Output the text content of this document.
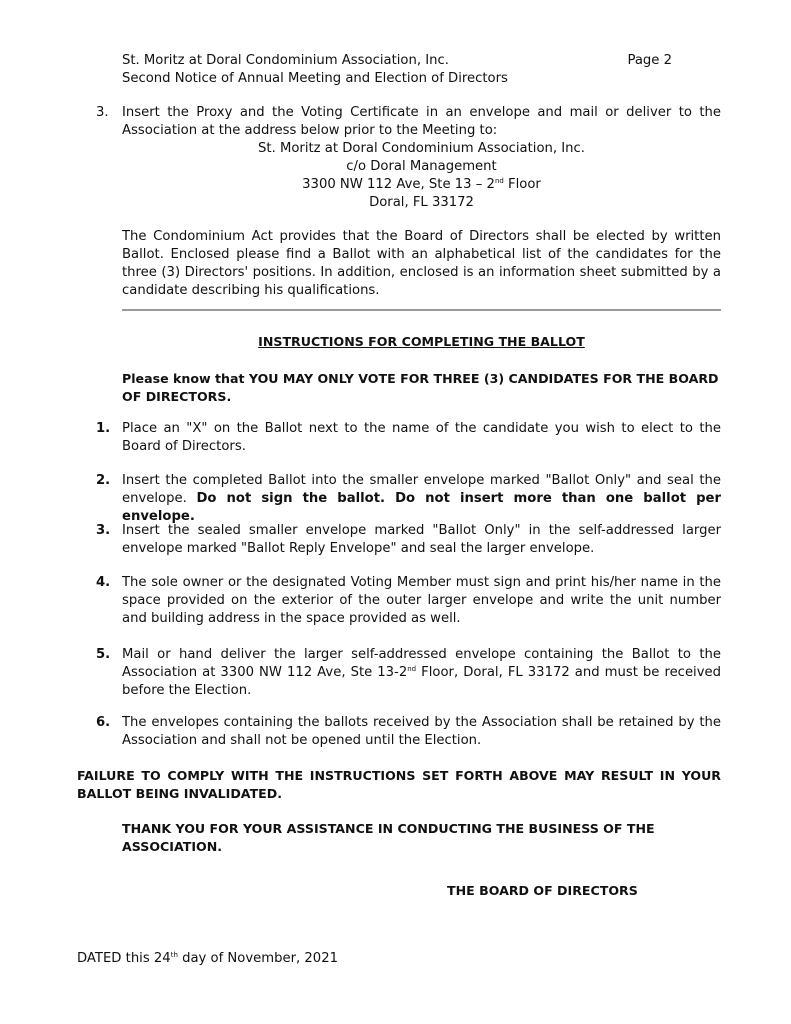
St. Moritz at Doral Condominium Association, Inc.	Page 2
Second Notice of Annual Meeting and Election of Directors
3. Insert the Proxy and the Voting Certificate in an envelope and mail or deliver to the Association at the address below prior to the Meeting to:
St. Moritz at Doral Condominium Association, Inc.
c/o Doral Management
3300 NW 112 Ave, Ste 13 – 2nd Floor
Doral, FL 33172
The Condominium Act provides that the Board of Directors shall be elected by written Ballot. Enclosed please find a Ballot with an alphabetical list of the candidates for the three (3) Directors' positions. In addition, enclosed is an information sheet submitted by a candidate describing his qualifications.
INSTRUCTIONS FOR COMPLETING THE BALLOT
Please know that YOU MAY ONLY VOTE FOR THREE (3) CANDIDATES FOR THE BOARD OF DIRECTORS.
1. Place an "X" on the Ballot next to the name of the candidate you wish to elect to the Board of Directors.
2. Insert the completed Ballot into the smaller envelope marked "Ballot Only" and seal the envelope. Do not sign the ballot. Do not insert more than one ballot per envelope.
3. Insert the sealed smaller envelope marked "Ballot Only" in the self-addressed larger envelope marked "Ballot Reply Envelope" and seal the larger envelope.
4. The sole owner or the designated Voting Member must sign and print his/her name in the space provided on the exterior of the outer larger envelope and write the unit number and building address in the space provided as well.
5. Mail or hand deliver the larger self-addressed envelope containing the Ballot to the Association at 3300 NW 112 Ave, Ste 13-2nd Floor, Doral, FL 33172 and must be received before the Election.
6. The envelopes containing the ballots received by the Association shall be retained by the Association and shall not be opened until the Election.
FAILURE TO COMPLY WITH THE INSTRUCTIONS SET FORTH ABOVE MAY RESULT IN YOUR BALLOT BEING INVALIDATED.
THANK YOU FOR YOUR ASSISTANCE IN CONDUCTING THE BUSINESS OF THE ASSOCIATION.
THE BOARD OF DIRECTORS
DATED this 24th day of November, 2021
